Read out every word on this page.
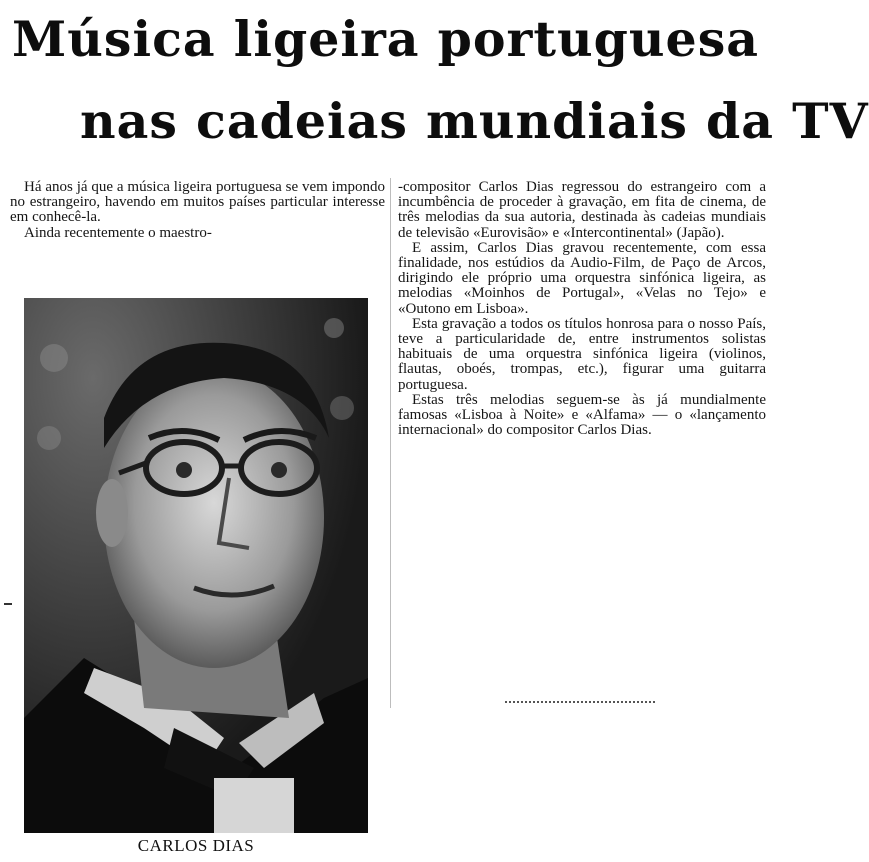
Música ligeira portuguesa
nas cadeias mundiais da TV

Há anos já que a música ligeira portuguesa se vem impondo no estrangeiro, havendo em muitos países particular interesse em conhecê-la.

Ainda recentemente o maestro-

CARLOS DIAS

-compositor Carlos Dias regressou do estrangeiro com a incumbência de proceder à gravação, em fita de cinema, de três melodias da sua autoria, destinada às cadeias mundiais de televisão «Eurovisão» e «Intercontinental» (Japão).

E assim, Carlos Dias gravou recentemente, com essa finalidade, nos estúdios da Audio-Film, de Paço de Arcos, dirigindo ele próprio uma orquestra sinfónica ligeira, as melodias «Moinhos de Portugal», «Velas no Tejo» e «Outono em Lisboa».

Esta gravação a todos os títulos honrosa para o nosso País, teve a particularidade de, entre instrumentos solistas habituais de uma orquestra sinfónica ligeira (violinos, flautas, oboés, trompas, etc.), figurar uma guitarra portuguesa.

Estas três melodias seguem-se às já mundialmente famosas «Lisboa à Noite» e «Alfama» — o «lançamento internacional» do compositor Carlos Dias.
